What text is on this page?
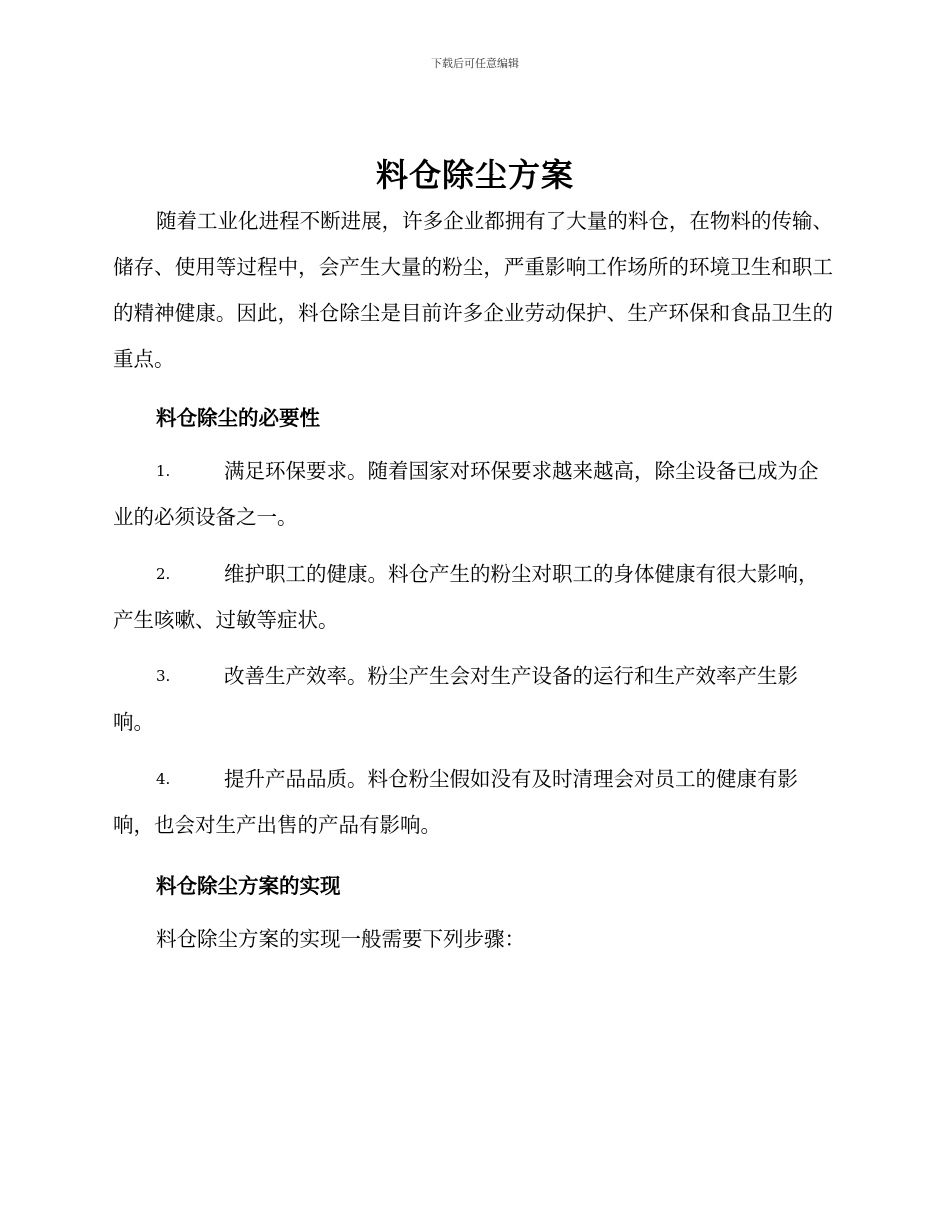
下载后可任意编辑
料仓除尘方案
随着工业化进程不断进展，许多企业都拥有了大量的料仓，在物料的传输、储存、使用等过程中，会产生大量的粉尘，严重影响工作场所的环境卫生和职工的精神健康。因此，料仓除尘是目前许多企业劳动保护、生产环保和食品卫生的重点。
料仓除尘的必要性
1.	满足环保要求。随着国家对环保要求越来越高，除尘设备已成为企业的必须设备之一。
2.	维护职工的健康。料仓产生的粉尘对职工的身体健康有很大影响，产生咳嗽、过敏等症状。
3.	改善生产效率。粉尘产生会对生产设备的运行和生产效率产生影响。
4.	提升产品品质。料仓粉尘假如没有及时清理会对员工的健康有影响，也会对生产出售的产品有影响。
料仓除尘方案的实现
料仓除尘方案的实现一般需要下列步骤：
